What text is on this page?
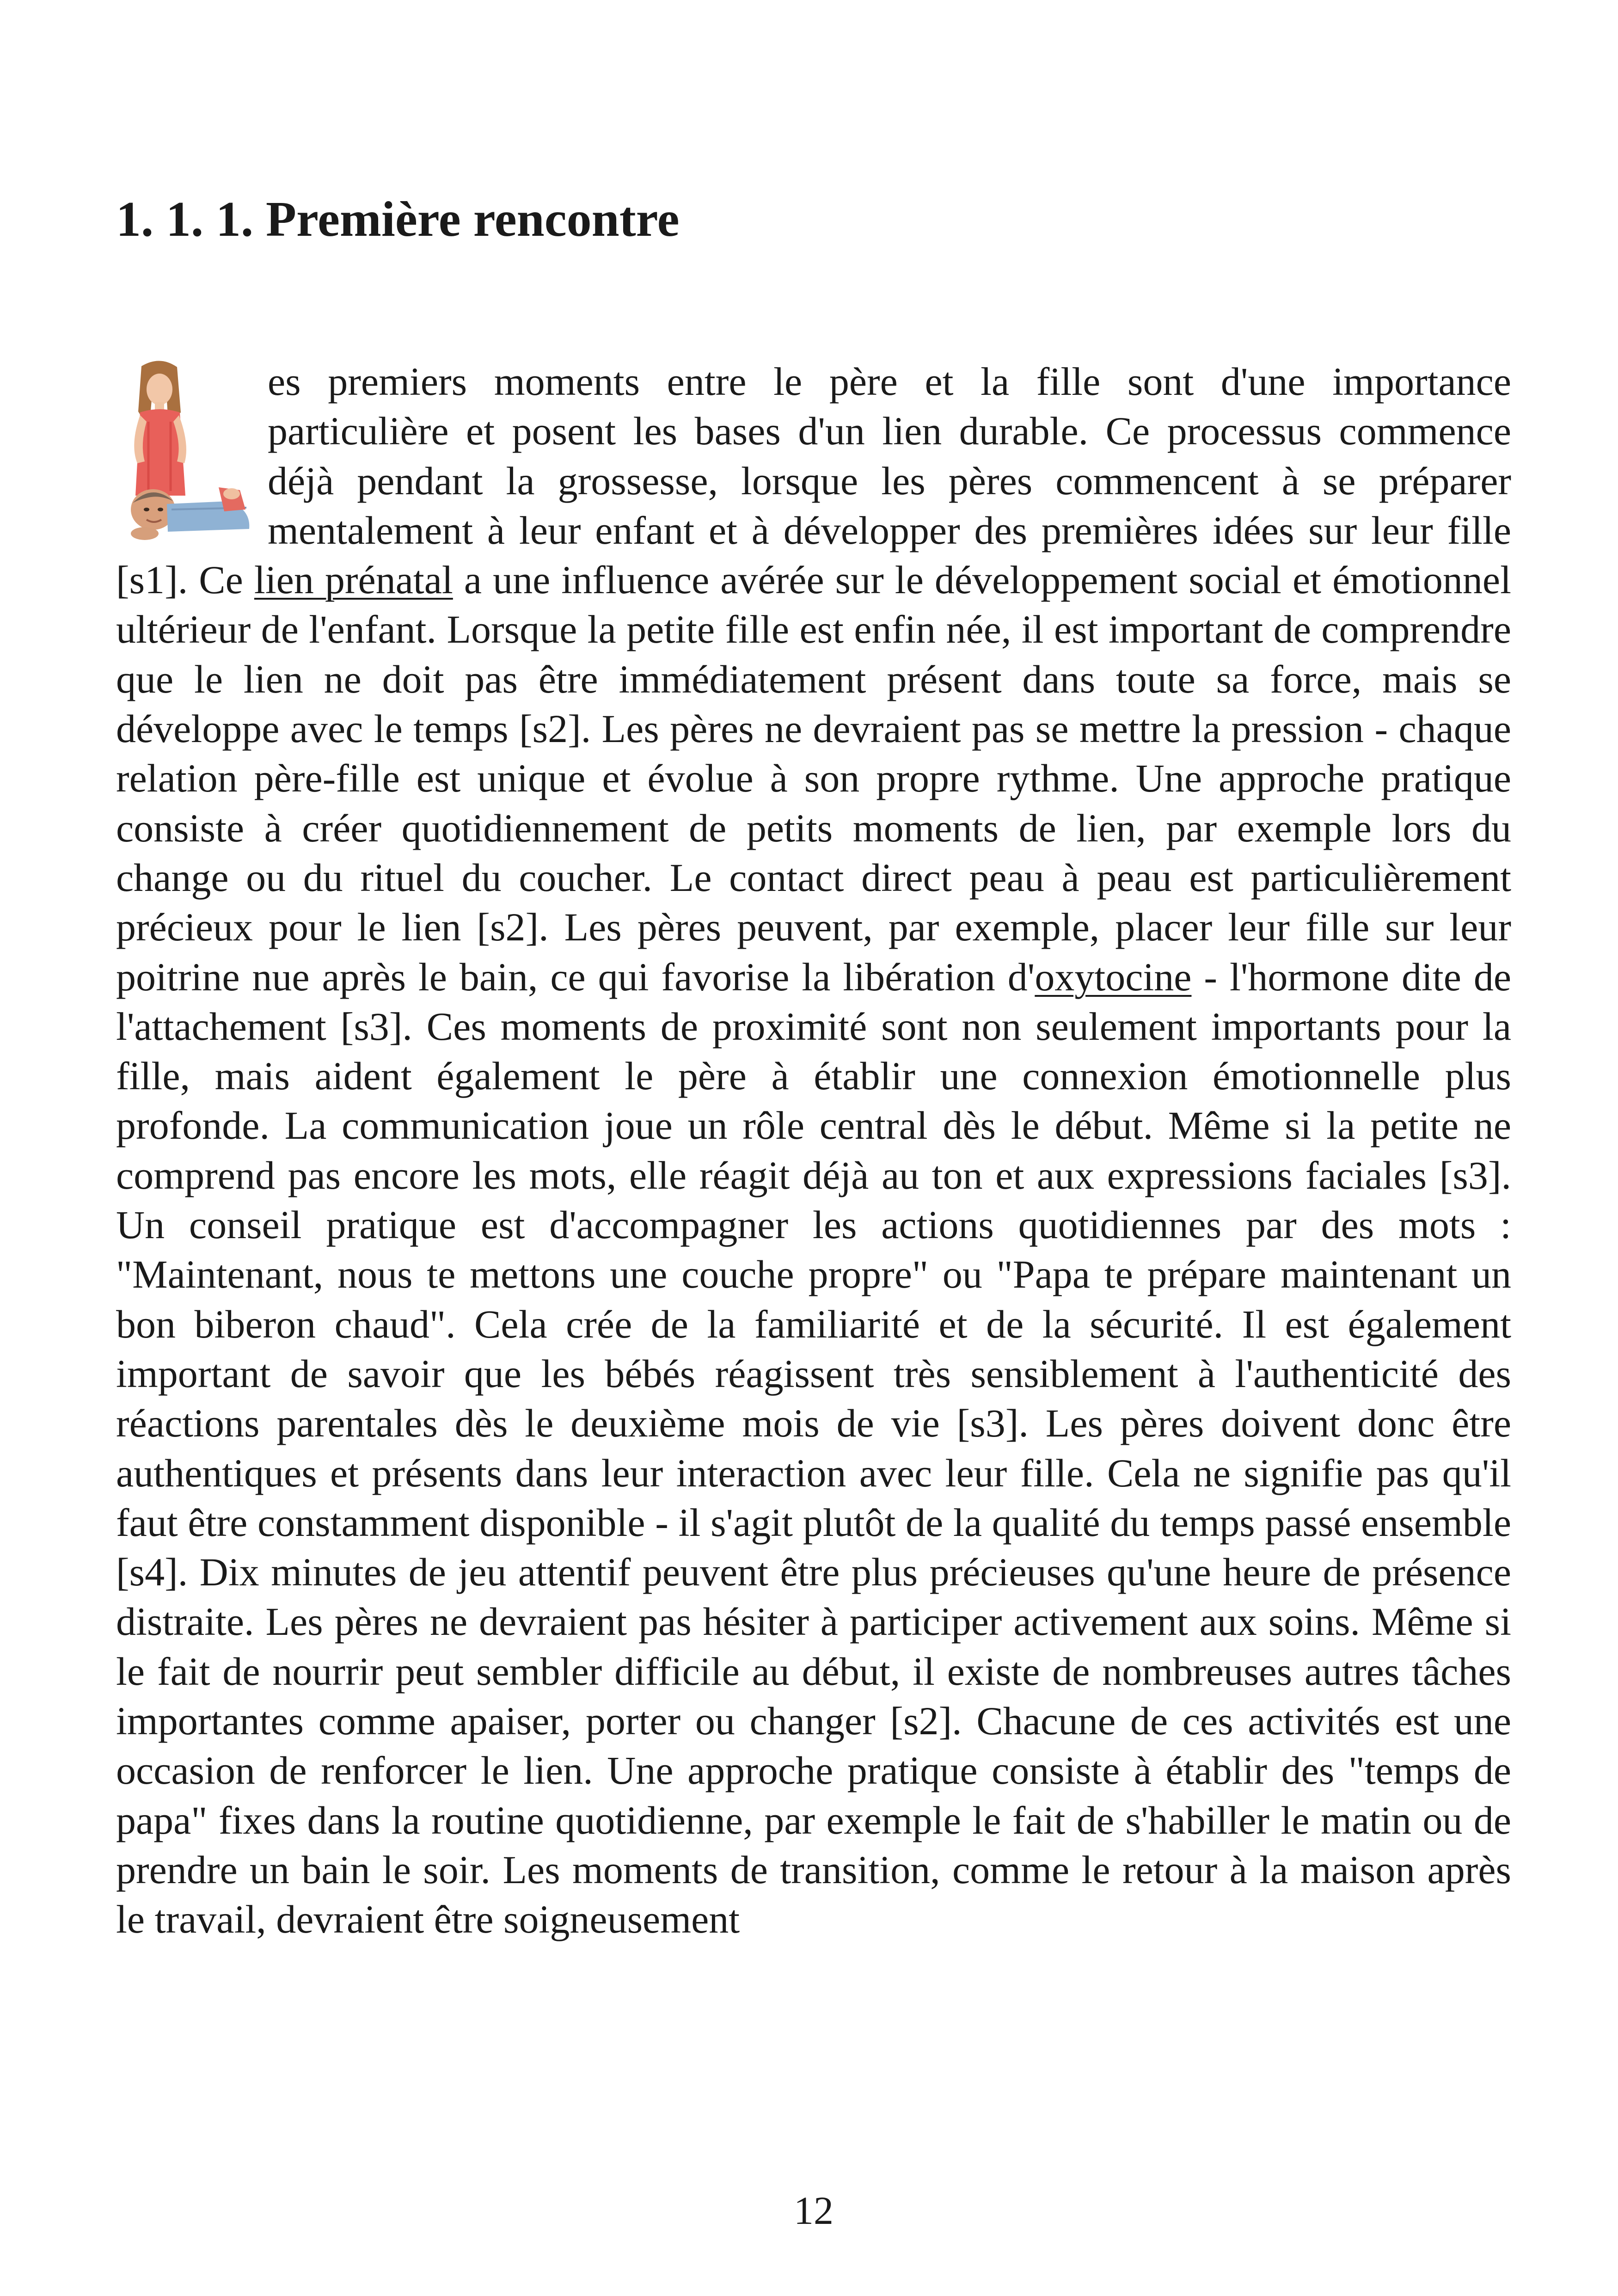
1. 1. 1. Première rencontre

es premiers moments entre le père et la fille sont d'une importance particulière et posent les bases d'un lien durable. Ce processus commence déjà pendant la grossesse, lorsque les pères commencent à se préparer mentalement à leur enfant et à développer des premières idées sur leur fille [s1]. Ce lien prénatal a une influence avérée sur le développement social et émotionnel ultérieur de l'enfant. Lorsque la petite fille est enfin née, il est important de comprendre que le lien ne doit pas être immédiatement présent dans toute sa force, mais se développe avec le temps [s2]. Les pères ne devraient pas se mettre la pression - chaque relation père-fille est unique et évolue à son propre rythme. Une approche pratique consiste à créer quotidiennement de petits moments de lien, par exemple lors du change ou du rituel du coucher. Le contact direct peau à peau est particulièrement précieux pour le lien [s2]. Les pères peuvent, par exemple, placer leur fille sur leur poitrine nue après le bain, ce qui favorise la libération d'oxytocine - l'hormone dite de l'attachement [s3]. Ces moments de proximité sont non seulement importants pour la fille, mais aident également le père à établir une connexion émotionnelle plus profonde. La communication joue un rôle central dès le début. Même si la petite ne comprend pas encore les mots, elle réagit déjà au ton et aux expressions faciales [s3]. Un conseil pratique est d'accompagner les actions quotidiennes par des mots : "Maintenant, nous te mettons une couche propre" ou "Papa te prépare maintenant un bon biberon chaud". Cela crée de la familiarité et de la sécurité. Il est également important de savoir que les bébés réagissent très sensiblement à l'authenticité des réactions parentales dès le deuxième mois de vie [s3]. Les pères doivent donc être authentiques et présents dans leur interaction avec leur fille. Cela ne signifie pas qu'il faut être constamment disponible - il s'agit plutôt de la qualité du temps passé ensemble [s4]. Dix minutes de jeu attentif peuvent être plus précieuses qu'une heure de présence distraite. Les pères ne devraient pas hésiter à participer activement aux soins. Même si le fait de nourrir peut sembler difficile au début, il existe de nombreuses autres tâches importantes comme apaiser, porter ou changer [s2]. Chacune de ces activités est une occasion de renforcer le lien. Une approche pratique consiste à établir des "temps de papa" fixes dans la routine quotidienne, par exemple le fait de s'habiller le matin ou de prendre un bain le soir. Les moments de transition, comme le retour à la maison après le travail, devraient être soigneusement

12
